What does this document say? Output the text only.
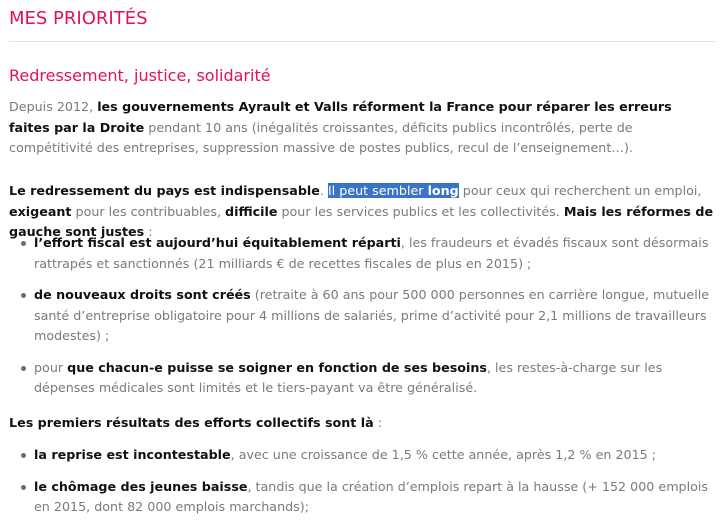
MES PRIORITÉS
Redressement, justice, solidarité

Depuis 2012, les gouvernements Ayrault et Valls réforment la France pour réparer les erreurs faites par la Droite pendant 10 ans (inégalités croissantes, déficits publics incontrôlés, perte de compétitivité des entreprises, suppression massive de postes publics, recul de l’enseignement…).

Le redressement du pays est indispensable. Il peut sembler long pour ceux qui recherchent un emploi, exigeant pour les contribuables, difficile pour les services publics et les collectivités. Mais les réformes de gauche sont justes :

l’effort fiscal est aujourd’hui équitablement réparti, les fraudeurs et évadés fiscaux sont désormais rattrapés et sanctionnés (21 milliards € de recettes fiscales de plus en 2015) ;
de nouveaux droits sont créés (retraite à 60 ans pour 500 000 personnes en carrière longue, mutuelle santé d’entreprise obligatoire pour 4 millions de salariés, prime d’activité pour 2,1 millions de travailleurs modestes) ;
pour que chacun-e puisse se soigner en fonction de ses besoins, les restes-à-charge sur les dépenses médicales sont limités et le tiers-payant va être généralisé.

Les premiers résultats des efforts collectifs sont là :

la reprise est incontestable, avec une croissance de 1,5 % cette année, après 1,2 % en 2015 ;
le chômage des jeunes baisse, tandis que la création d’emplois repart à la hausse (+ 152 000 emplois en 2015, dont 82 000 emplois marchands);
